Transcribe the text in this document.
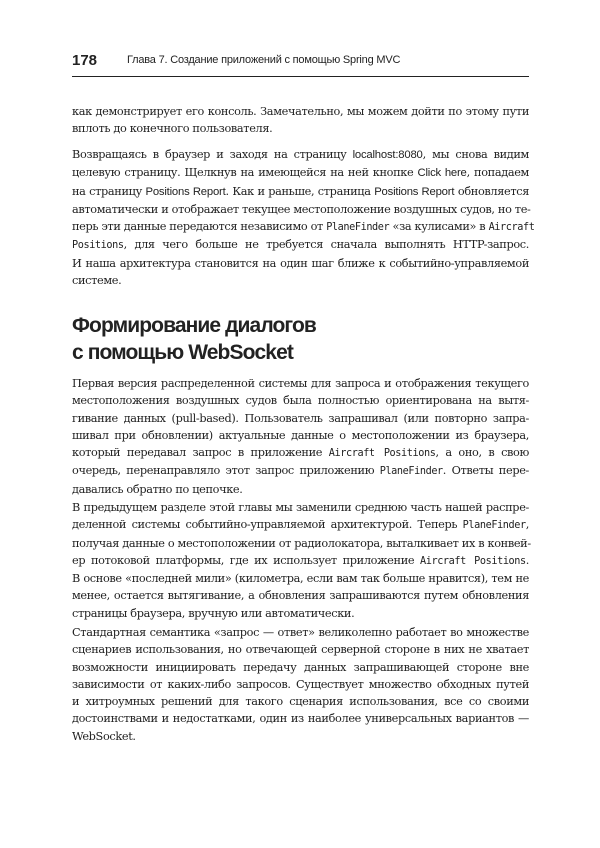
178	Глава 7. Создание приложений с помощью Spring MVC
как демонстрирует его консоль. Замечательно, мы можем дойти по этому пути
вплоть до конечного пользователя.
Возвращаясь в браузер и заходя на страницу localhost:8080, мы снова видим
целевую страницу. Щелкнув на имеющейся на ней кнопке Click here, попадаем
на страницу Positions Report. Как и раньше, страница Positions Report обновляется
автоматически и отображает текущее местоположение воздушных судов, но те-
перь эти данные передаются независимо от PlaneFinder «за кулисами» в Aircraft
Positions, для чего больше не требуется сначала выполнять HTTP-запрос.
И наша архитектура становится на один шаг ближе к событийно-управляемой
системе.
Формирование диалогов
с помощью WebSocket
Первая версия распределенной системы для запроса и отображения текущего
местоположения воздушных судов была полностью ориентирована на вытя-
гивание данных (pull-based). Пользователь запрашивал (или повторно запра-
шивал при обновлении) актуальные данные о местоположении из браузера,
который передавал запрос в приложение Aircraft Positions, а оно, в свою
очередь, перенаправляло этот запрос приложению PlaneFinder. Ответы пере-
давались обратно по цепочке.
В предыдущем разделе этой главы мы заменили среднюю часть нашей распре-
деленной системы событийно-управляемой архитектурой. Теперь PlaneFinder,
получая данные о местоположении от радиолокатора, выталкивает их в конвей-
ер потоковой платформы, где их использует приложение Aircraft Positions.
В основе «последней мили» (километра, если вам так больше нравится), тем не
менее, остается вытягивание, а обновления запрашиваются путем обновления
страницы браузера, вручную или автоматически.
Стандартная семантика «запрос — ответ» великолепно работает во множестве
сценариев использования, но отвечающей серверной стороне в них не хватает
возможности инициировать передачу данных запрашивающей стороне вне
зависимости от каких-либо запросов. Существует множество обходных путей
и хитроумных решений для такого сценария использования, все со своими
достоинствами и недостатками, один из наиболее универсальных вариантов —
WebSocket.
